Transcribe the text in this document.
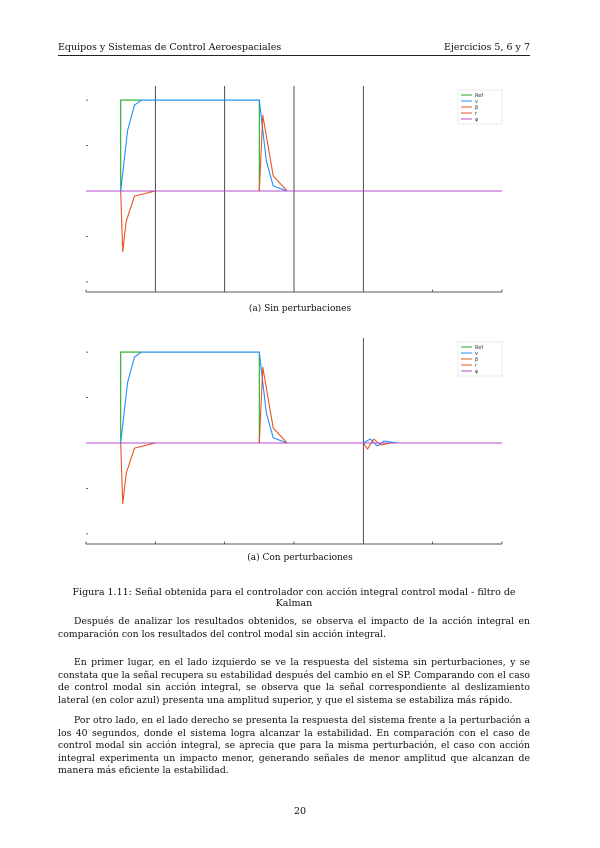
Equipos y Sistemas de Control Aeroespaciales	Ejercicios 5, 6 y 7
Ref
v
β
r
φ
(a) Sin perturbaciones
Ref
v
β
r
φ
(a) Con perturbaciones
Figura 1.11: Señal obtenida para el controlador con acción integral control modal - filtro de Kalman

Después de analizar los resultados obtenidos, se observa el impacto de la acción integral en comparación con los resultados del control modal sin acción integral.

En primer lugar, en el lado izquierdo se ve la respuesta del sistema sin perturbaciones, y se constata que la señal recupera su estabilidad después del cambio en el SP. Comparando con el caso de control modal sin acción integral, se observa que la señal correspondiente al deslizamiento lateral (en color azul) presenta una amplitud superior, y que el sistema se estabiliza más rápido.

Por otro lado, en el lado derecho se presenta la respuesta del sistema frente a la perturbación a los 40 segundos, donde el sistema logra alcanzar la estabilidad. En comparación con el caso de control modal sin acción integral, se aprecia que para la misma perturbación, el caso con acción integral experimenta un impacto menor, generando señales de menor amplitud que alcanzan de manera más eficiente la estabilidad.

20
